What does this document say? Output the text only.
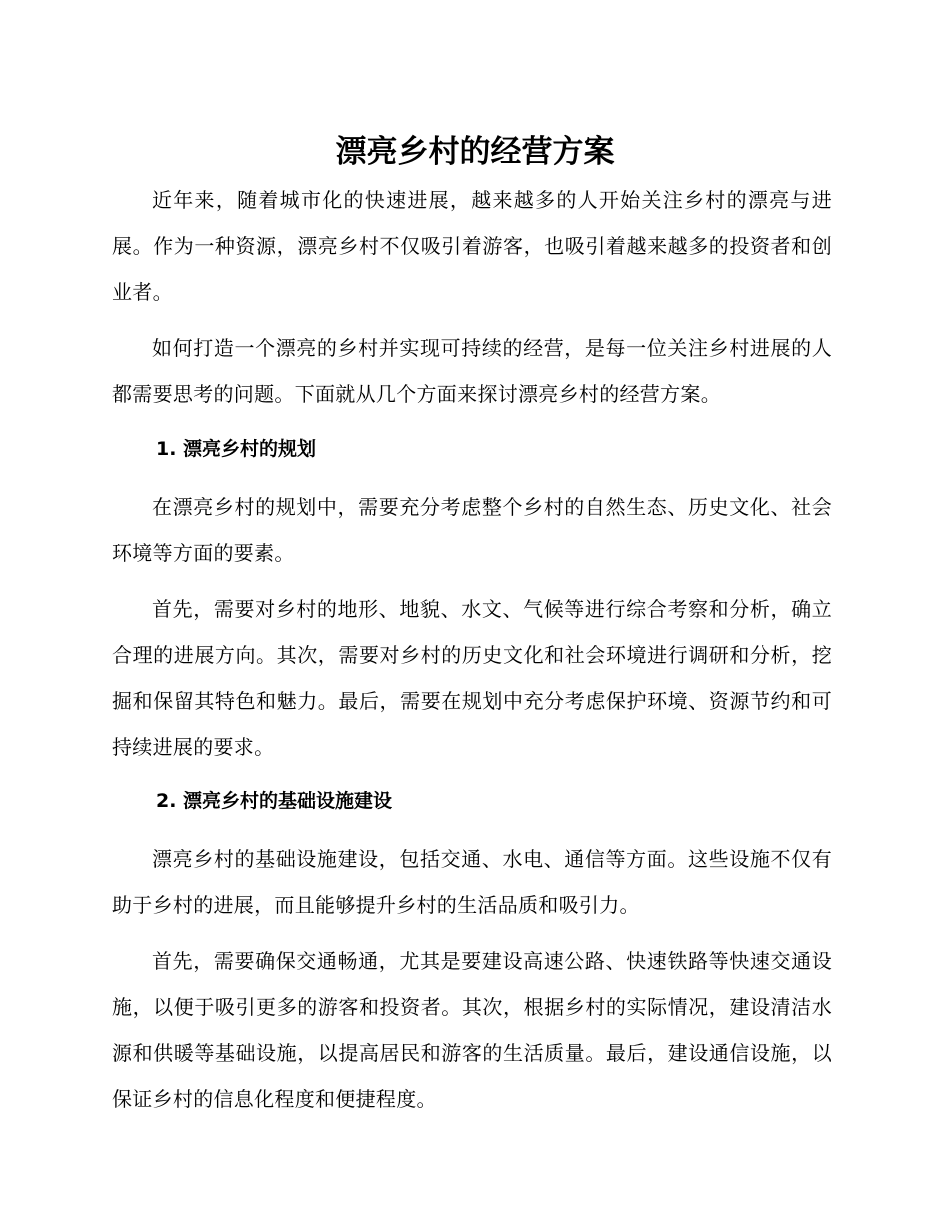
漂亮乡村的经营方案

近年来，随着城市化的快速进展，越来越多的人开始关注乡村的漂亮与进展。作为一种资源，漂亮乡村不仅吸引着游客，也吸引着越来越多的投资者和创业者。

如何打造一个漂亮的乡村并实现可持续的经营，是每一位关注乡村进展的人都需要思考的问题。下面就从几个方面来探讨漂亮乡村的经营方案。

1. 漂亮乡村的规划

在漂亮乡村的规划中，需要充分考虑整个乡村的自然生态、历史文化、社会环境等方面的要素。

首先，需要对乡村的地形、地貌、水文、气候等进行综合考察和分析，确立合理的进展方向。其次，需要对乡村的历史文化和社会环境进行调研和分析，挖掘和保留其特色和魅力。最后，需要在规划中充分考虑保护环境、资源节约和可持续进展的要求。

2. 漂亮乡村的基础设施建设

漂亮乡村的基础设施建设，包括交通、水电、通信等方面。这些设施不仅有助于乡村的进展，而且能够提升乡村的生活品质和吸引力。

首先，需要确保交通畅通，尤其是要建设高速公路、快速铁路等快速交通设施，以便于吸引更多的游客和投资者。其次，根据乡村的实际情况，建设清洁水源和供暖等基础设施，以提高居民和游客的生活质量。最后，建设通信设施，以保证乡村的信息化程度和便捷程度。
